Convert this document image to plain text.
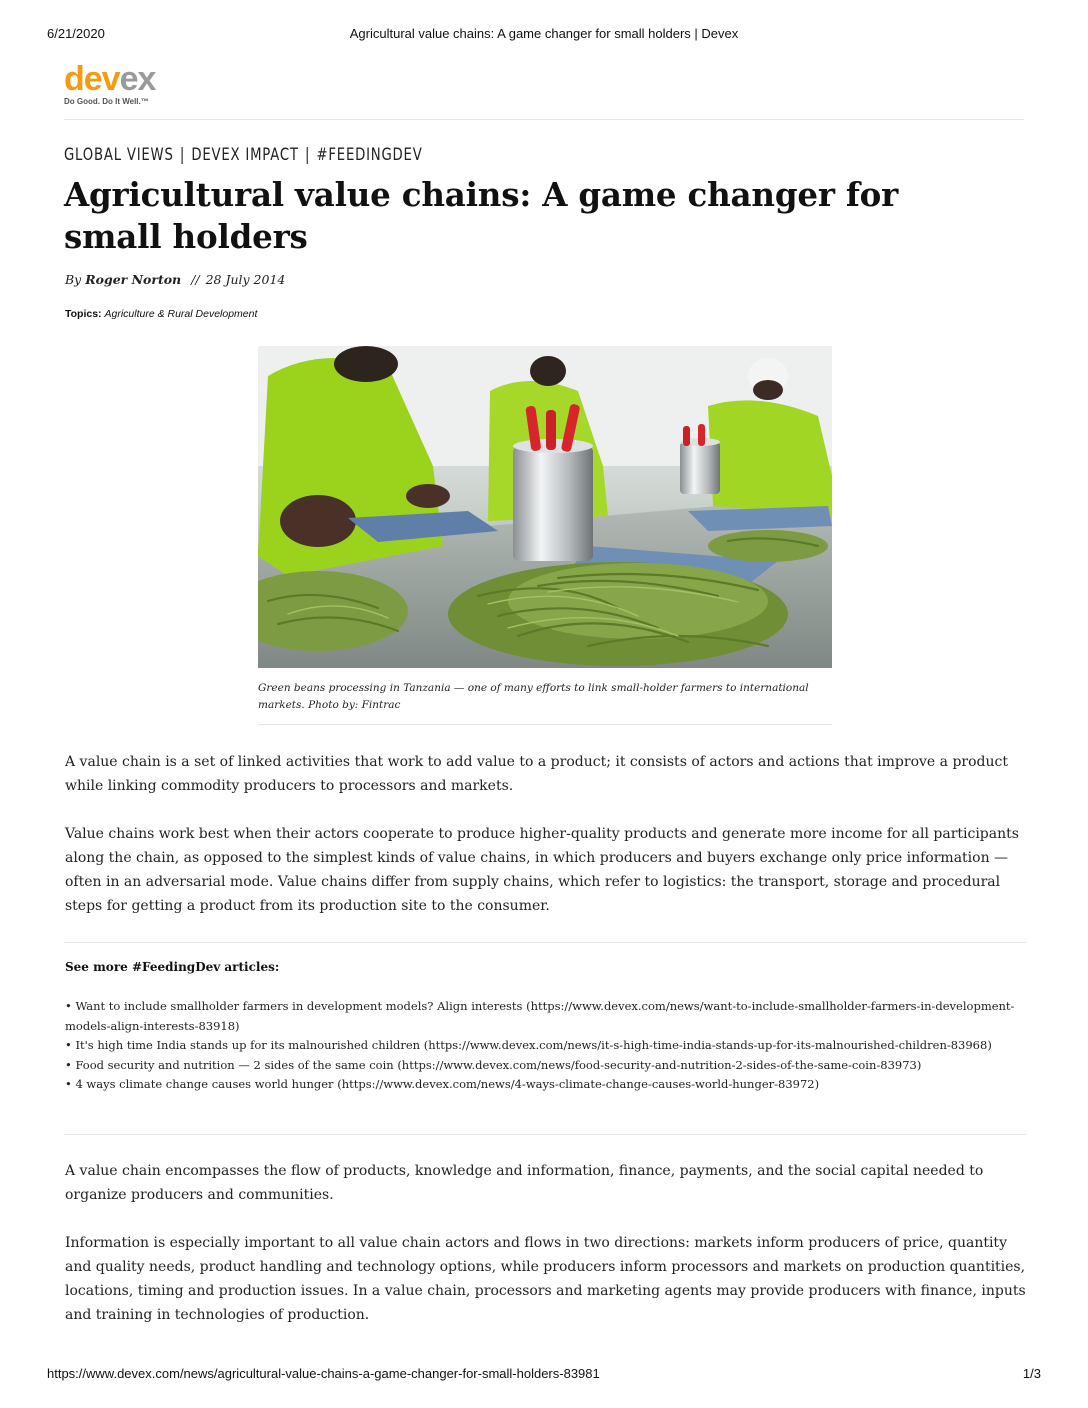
6/21/2020	Agricultural value chains: A game changer for small holders | Devex
devex
Do Good. Do It Well.™
GLOBAL VIEWS | DEVEX IMPACT | #FEEDINGDEV
Agricultural value chains: A game changer for small holders
By Roger Norton // 28 July 2014
Topics: Agriculture & Rural Development
Green beans processing in Tanzania — one of many efforts to link small-holder farmers to international markets. Photo by: Fintrac

A value chain is a set of linked activities that work to add value to a product; it consists of actors and actions that improve a product while linking commodity producers to processors and markets.

Value chains work best when their actors cooperate to produce higher-quality products and generate more income for all participants along the chain, as opposed to the simplest kinds of value chains, in which producers and buyers exchange only price information — often in an adversarial mode. Value chains differ from supply chains, which refer to logistics: the transport, storage and procedural steps for getting a product from its production site to the consumer.

See more #FeedingDev articles:
• Want to include smallholder farmers in development models? Align interests (https://www.devex.com/news/want-to-include-smallholder-farmers-in-development-models-align-interests-83918)
• It's high time India stands up for its malnourished children (https://www.devex.com/news/it-s-high-time-india-stands-up-for-its-malnourished-children-83968)
• Food security and nutrition — 2 sides of the same coin (https://www.devex.com/news/food-security-and-nutrition-2-sides-of-the-same-coin-83973)
• 4 ways climate change causes world hunger (https://www.devex.com/news/4-ways-climate-change-causes-world-hunger-83972)

A value chain encompasses the flow of products, knowledge and information, finance, payments, and the social capital needed to organize producers and communities.

Information is especially important to all value chain actors and flows in two directions: markets inform producers of price, quantity and quality needs, product handling and technology options, while producers inform processors and markets on production quantities, locations, timing and production issues. In a value chain, processors and marketing agents may provide producers with finance, inputs and training in technologies of production.

https://www.devex.com/news/agricultural-value-chains-a-game-changer-for-small-holders-83981	1/3
